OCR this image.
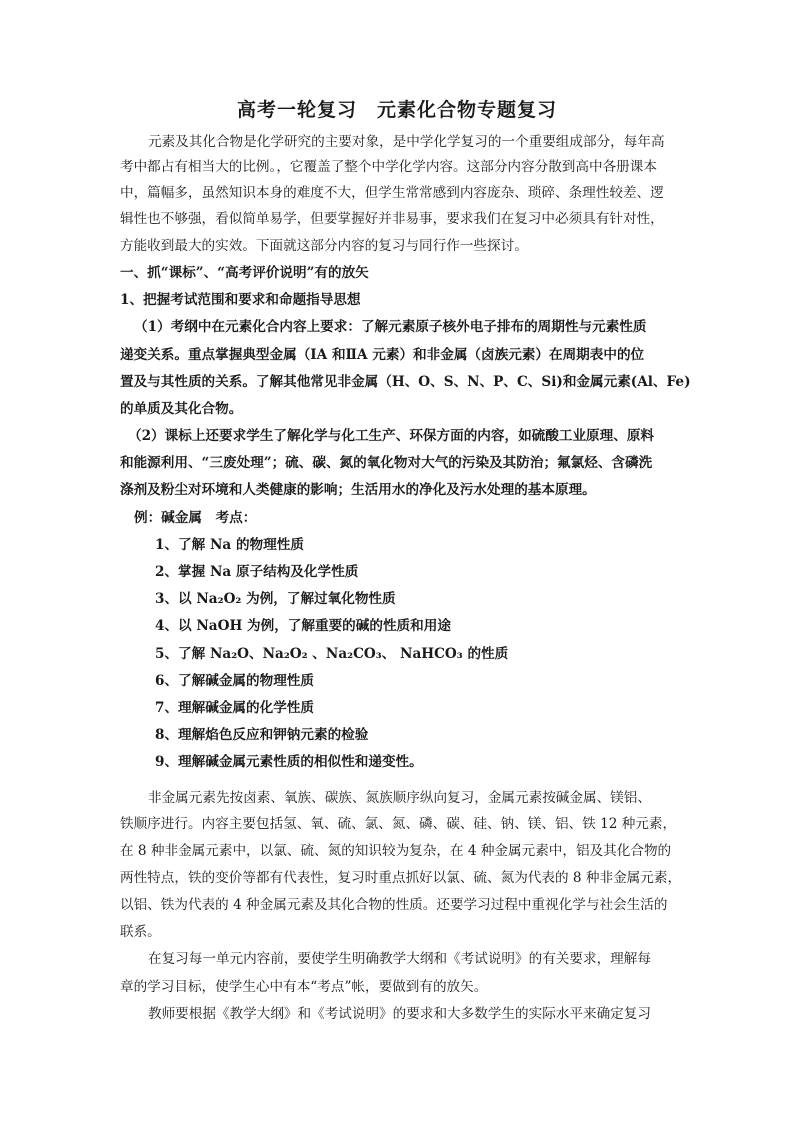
高考一轮复习　元素化合物专题复习
元素及其化合物是化学研究的主要对象，是中学化学复习的一个重要组成部分，每年高
考中都占有相当大的比例。，它覆盖了整个中学化学内容。这部分内容分散到高中各册课本
中，篇幅多，虽然知识本身的难度不大，但学生常常感到内容庞杂、琐碎、条理性较差、逻
辑性也不够强，看似简单易学，但要掌握好并非易事，要求我们在复习中必须具有针对性，
方能收到最大的实效。下面就这部分内容的复习与同行作一些探讨。
一、抓“课标”、“高考评价说明”有的放矢
1、把握考试范围和要求和命题指导思想
（1）考纲中在元素化合内容上要求：了解元素原子核外电子排布的周期性与元素性质
递变关系。重点掌握典型金属（ⅠA 和ⅡA 元素）和非金属（卤族元素）在周期表中的位
置及与其性质的关系。了解其他常见非金属（H、O、S、N、P、C、Si)和金属元素(Al、Fe)
的单质及其化合物。
（2）课标上还要求学生了解化学与化工生产、环保方面的内容，如硫酸工业原理、原料
和能源利用、“三废处理”；硫、碳、氮的氧化物对大气的污染及其防治；氟氯烃、含磷洗
涤剂及粉尘对环境和人类健康的影响；生活用水的净化及污水处理的基本原理。
例：碱金属　考点：
1、了解 Na 的物理性质
2、掌握 Na 原子结构及化学性质
3、以 Na₂O₂ 为例，了解过氧化物性质
4、以 NaOH 为例，了解重要的碱的性质和用途
5、了解 Na₂O、Na₂O₂ 、Na₂CO₃、 NaHCO₃ 的性质
6、了解碱金属的物理性质
7、理解碱金属的化学性质
8、理解焰色反应和钾钠元素的检验
9、理解碱金属元素性质的相似性和递变性。
非金属元素先按卤素、氧族、碳族、氮族顺序纵向复习，金属元素按碱金属、镁铝、
铁顺序进行。内容主要包括氢、氧、硫、氯、氮、磷、碳、硅、钠、镁、铝、铁 12 种元素，
在 8 种非金属元素中，以氯、硫、氮的知识较为复杂，在 4 种金属元素中，铝及其化合物的
两性特点，铁的变价等都有代表性，复习时重点抓好以氯、硫、氮为代表的 8 种非金属元素，
以铝、铁为代表的 4 种金属元素及其化合物的性质。还要学习过程中重视化学与社会生活的
联系。
在复习每一单元内容前，要使学生明确教学大纲和《考试说明》的有关要求，理解每
章的学习目标，使学生心中有本“考点”帐，要做到有的放矢。
教师要根据《教学大纲》和《考试说明》的要求和大多数学生的实际水平来确定复习
